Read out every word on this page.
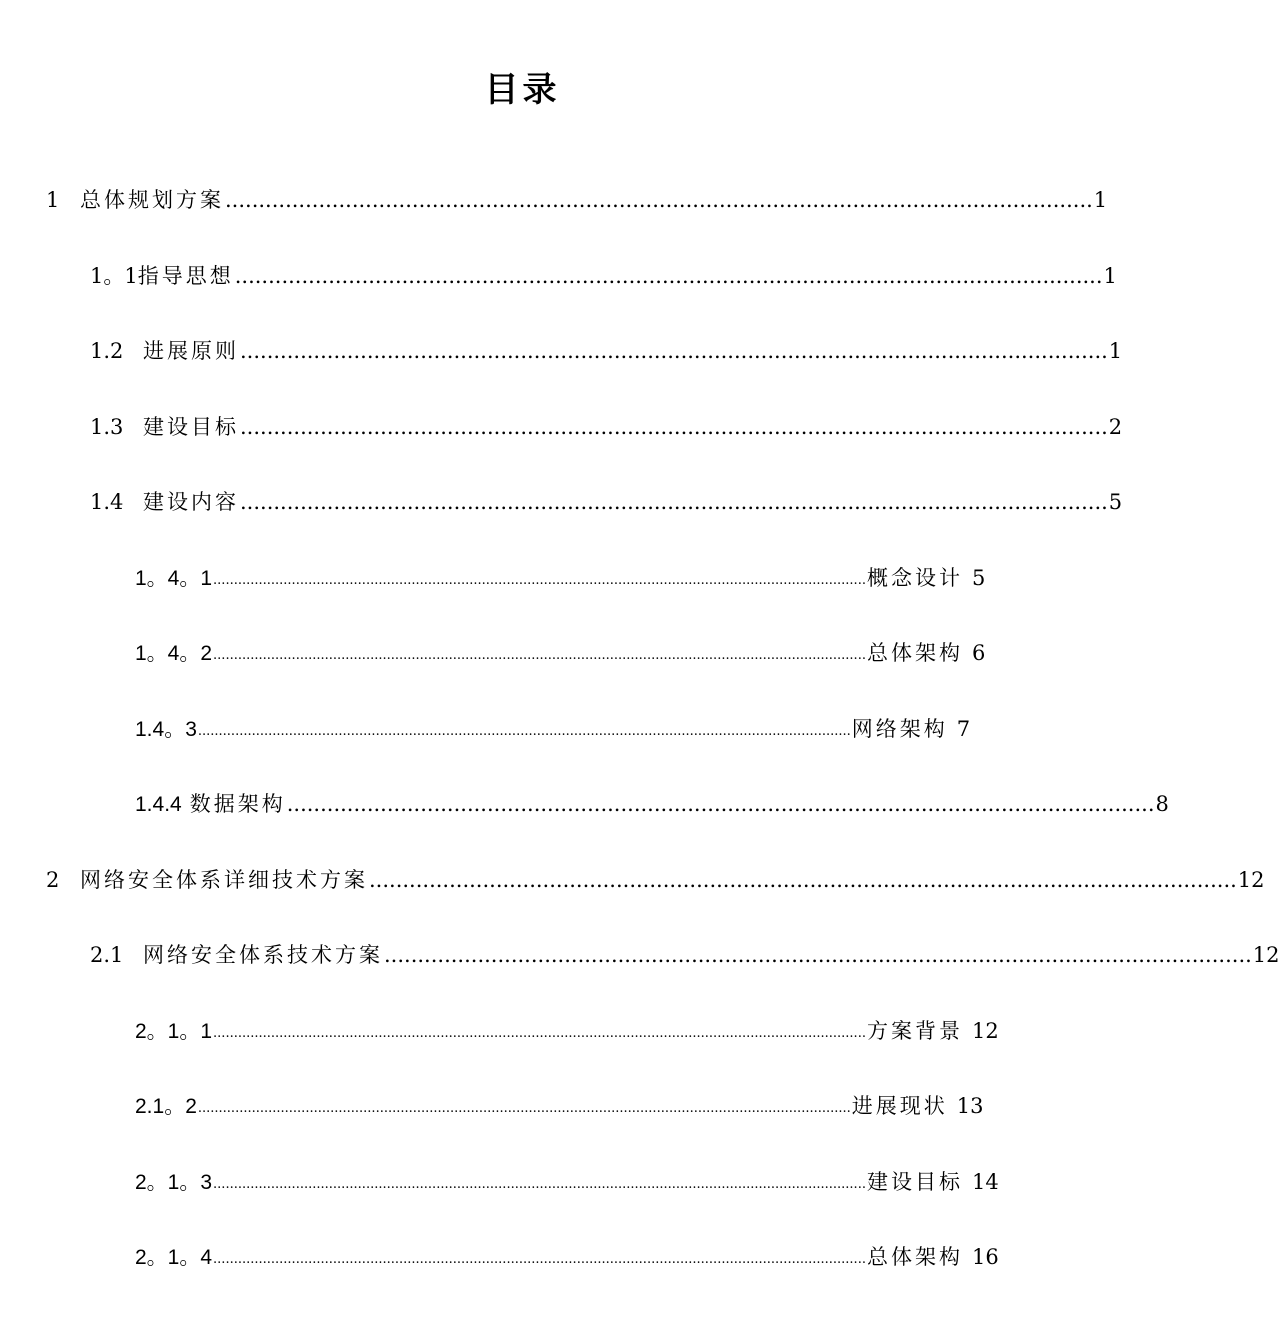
目录
1 总体规划方案 .................................................................................................................................. 1
1。1 指导思想 .................................................................................................................................. 1
1.2 进展原则 .................................................................................................................................. 1
1.3 建设目标 .................................................................................................................................. 2
1.4 建设内容 .................................................................................................................................. 5
1。4。1 .............................................................................................................................................................. 概念设计 5
1。4。2 .............................................................................................................................................................. 总体架构 6
1.4。3 .............................................................................................................................................................. 网络架构 7
1.4.4 数据架构 .................................................................................................................................. 8
2 网络安全体系详细技术方案 .................................................................................................................................. 12
2.1 网络安全体系技术方案 .................................................................................................................................. 12
2。1。1 .............................................................................................................................................................. 方案背景 12
2.1。2 .............................................................................................................................................................. 进展现状 13
2。1。3 .............................................................................................................................................................. 建设目标 14
2。1。4 .............................................................................................................................................................. 总体架构 16
